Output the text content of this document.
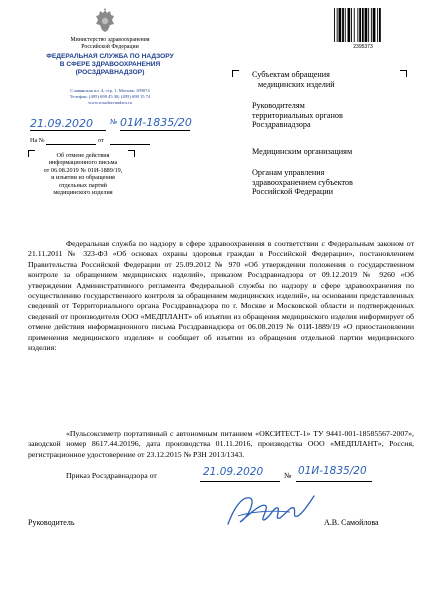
Министерство здравоохранения
Российской Федерации
ФЕДЕРАЛЬНАЯ СЛУЖБА ПО НАДЗОРУ
В СФЕРЕ ЗДРАВООХРАНЕНИЯ
(РОСЗДРАВНАДЗОР)
Славянская пл. 4, стр. 1, Москва, 109074
Телефон: (495) 698 45 38; (495) 698 15 74
www.roszdravnadzor.ru
21.09.2020 № 01И-1835/20
На №	от
Об отмене действия
информационного письма
от 06.08.2019 № 01И-1889/19,
и изъятии из обращения
отдельных партий
медицинского изделия
2395373
Субъектам обращения
медицинских изделий
Руководителям
территориальных органов
Росздравнадзора
Медицинским организациям
Органам управления
здравоохранением субъектов
Российской Федерации
Федеральная служба по надзору в сфере здравоохранения в соответствии с Федеральным законом от 21.11.2011 № 323-ФЗ «Об основах охраны здоровья граждан в Российской Федерации», постановлением Правительства Российской Федерации от 25.09.2012 № 970 «Об утверждении положения о государственном контроле за обращением медицинских изделий», приказом Росздравнадзора от 09.12.2019 № 9260 «Об утверждении Административного регламента Федеральной службы по надзору в сфере здравоохранения по осуществлению государственного контроля за обращением медицинских изделий», на основании представленных сведений от Территориального органа Росздравнадзора по г. Москве и Московской области и подтвержденных сведений от производителя ООО «МЕДПЛАНТ» об изъятии из обращения медицинского изделия информирует об отмене действия информационного письма Росздравнадзора от 06.08.2019 № 01И-1889/19 «О приостановлении применения медицинского изделия» и сообщает об изъятии из обращения отдельной партии медицинского изделия:
«Пульсоксиметр портативный с автономным питанием «ОКСИТЕСТ-1» ТУ 9441-001-18585567-2007», заводской номер 8617.44.20196, дата производства 01.11.2016, производства ООО «МЕДПЛАНТ», Россия, регистрационное удостоверение от 23.12.2015 № РЗН 2013/1343.
Приказ Росздравнадзора от	21.09.2020	№ 01И-1835/20
Руководитель	А.В. Самойлова
